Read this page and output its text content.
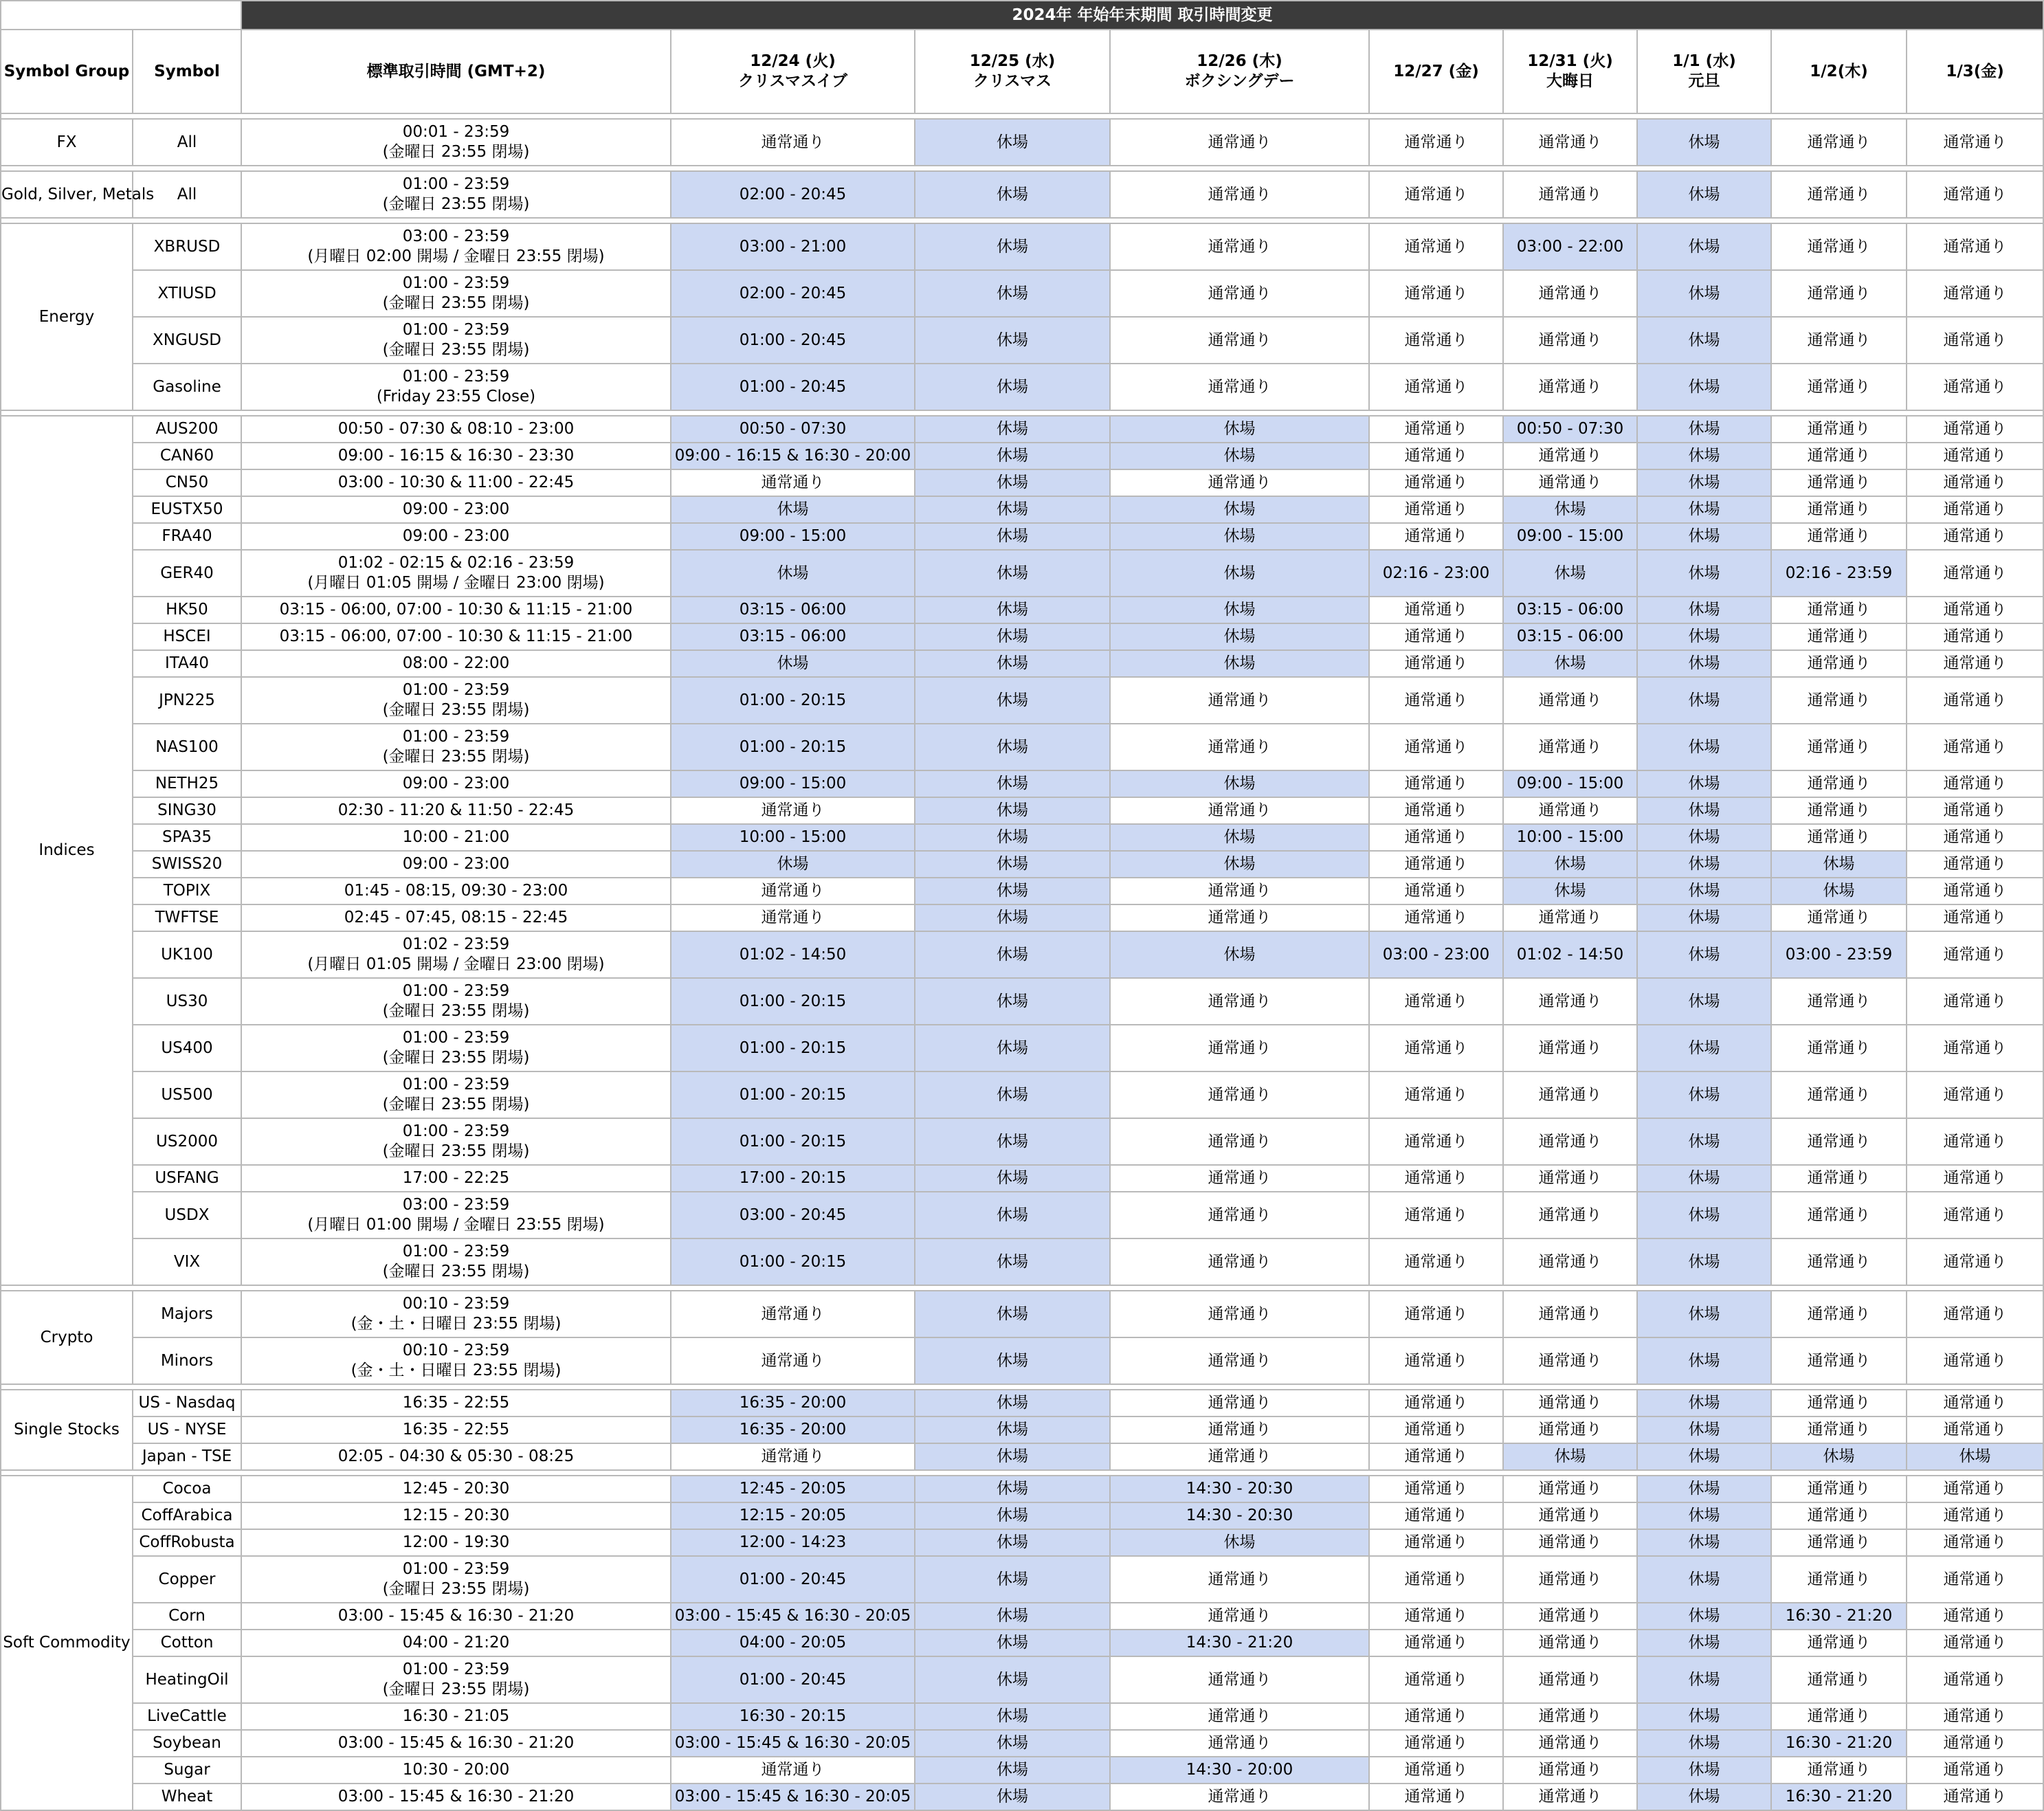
		2024年 年始年末期間 取引時間変更								
Symbol Group	Symbol	標準取引時間 (GMT+2)	12/24 (火)
クリスマスイブ	12/25 (水)
クリスマス	12/26 (木)
ボクシングデー	12/27 (金)	12/31 (火)
大晦日	1/1 (水)
元旦	1/2(木)	1/3(金)

FX	All	00:01 - 23:59
(金曜日 23:55 閉場)	通常通り	休場	通常通り	通常通り	通常通り	休場	通常通り	通常通り

Gold, Silver, Metals	All	01:00 - 23:59
(金曜日 23:55 閉場)	02:00 - 20:45	休場	通常通り	通常通り	通常通り	休場	通常通り	通常通り

Energy	XBRUSD	03:00 - 23:59
(月曜日 02:00 開場 / 金曜日 23:55 閉場)	03:00 - 21:00	休場	通常通り	通常通り	03:00 - 22:00	休場	通常通り	通常通り
	XTIUSD	01:00 - 23:59
(金曜日 23:55 閉場)	02:00 - 20:45	休場	通常通り	通常通り	通常通り	休場	通常通り	通常通り
	XNGUSD	01:00 - 23:59
(金曜日 23:55 閉場)	01:00 - 20:45	休場	通常通り	通常通り	通常通り	休場	通常通り	通常通り
	Gasoline	01:00 - 23:59
(Friday 23:55 Close)	01:00 - 20:45	休場	通常通り	通常通り	通常通り	休場	通常通り	通常通り

Indices	AUS200	00:50 - 07:30 & 08:10 - 23:00	00:50 - 07:30	休場	休場	通常通り	00:50 - 07:30	休場	通常通り	通常通り
	CAN60	09:00 - 16:15 & 16:30 - 23:30	09:00 - 16:15 & 16:30 - 20:00	休場	休場	通常通り	通常通り	休場	通常通り	通常通り
	CN50	03:00 - 10:30 & 11:00 - 22:45	通常通り	休場	通常通り	通常通り	通常通り	休場	通常通り	通常通り
	EUSTX50	09:00 - 23:00	休場	休場	休場	通常通り	休場	休場	通常通り	通常通り
	FRA40	09:00 - 23:00	09:00 - 15:00	休場	休場	通常通り	09:00 - 15:00	休場	通常通り	通常通り
	GER40	01:02 - 02:15 & 02:16 - 23:59
(月曜日 01:05 開場 / 金曜日 23:00 閉場)	休場	休場	休場	02:16 - 23:00	休場	休場	02:16 - 23:59	通常通り
	HK50	03:15 - 06:00, 07:00 - 10:30 & 11:15 - 21:00	03:15 - 06:00	休場	休場	通常通り	03:15 - 06:00	休場	通常通り	通常通り
	HSCEI	03:15 - 06:00, 07:00 - 10:30 & 11:15 - 21:00	03:15 - 06:00	休場	休場	通常通り	03:15 - 06:00	休場	通常通り	通常通り
	ITA40	08:00 - 22:00	休場	休場	休場	通常通り	休場	休場	通常通り	通常通り
	JPN225	01:00 - 23:59
(金曜日 23:55 閉場)	01:00 - 20:15	休場	通常通り	通常通り	通常通り	休場	通常通り	通常通り
	NAS100	01:00 - 23:59
(金曜日 23:55 閉場)	01:00 - 20:15	休場	通常通り	通常通り	通常通り	休場	通常通り	通常通り
	NETH25	09:00 - 23:00	09:00 - 15:00	休場	休場	通常通り	09:00 - 15:00	休場	通常通り	通常通り
	SING30	02:30 - 11:20 & 11:50 - 22:45	通常通り	休場	通常通り	通常通り	通常通り	休場	通常通り	通常通り
	SPA35	10:00 - 21:00	10:00 - 15:00	休場	休場	通常通り	10:00 - 15:00	休場	通常通り	通常通り
	SWISS20	09:00 - 23:00	休場	休場	休場	通常通り	休場	休場	休場	通常通り
	TOPIX	01:45 - 08:15, 09:30 - 23:00	通常通り	休場	通常通り	通常通り	休場	休場	休場	通常通り
	TWFTSE	02:45 - 07:45, 08:15 - 22:45	通常通り	休場	通常通り	通常通り	通常通り	休場	通常通り	通常通り
	UK100	01:02 - 23:59
(月曜日 01:05 開場 / 金曜日 23:00 閉場)	01:02 - 14:50	休場	休場	03:00 - 23:00	01:02 - 14:50	休場	03:00 - 23:59	通常通り
	US30	01:00 - 23:59
(金曜日 23:55 閉場)	01:00 - 20:15	休場	通常通り	通常通り	通常通り	休場	通常通り	通常通り
	US400	01:00 - 23:59
(金曜日 23:55 閉場)	01:00 - 20:15	休場	通常通り	通常通り	通常通り	休場	通常通り	通常通り
	US500	01:00 - 23:59
(金曜日 23:55 閉場)	01:00 - 20:15	休場	通常通り	通常通り	通常通り	休場	通常通り	通常通り
	US2000	01:00 - 23:59
(金曜日 23:55 閉場)	01:00 - 20:15	休場	通常通り	通常通り	通常通り	休場	通常通り	通常通り
	USFANG	17:00 - 22:25	17:00 - 20:15	休場	通常通り	通常通り	通常通り	休場	通常通り	通常通り
	USDX	03:00 - 23:59
(月曜日 01:00 開場 / 金曜日 23:55 閉場)	03:00 - 20:45	休場	通常通り	通常通り	通常通り	休場	通常通り	通常通り
	VIX	01:00 - 23:59
(金曜日 23:55 閉場)	01:00 - 20:15	休場	通常通り	通常通り	通常通り	休場	通常通り	通常通り

Crypto	Majors	00:10 - 23:59
(金・土・日曜日 23:55 閉場)	通常通り	休場	通常通り	通常通り	通常通り	休場	通常通り	通常通り
	Minors	00:10 - 23:59
(金・土・日曜日 23:55 閉場)	通常通り	休場	通常通り	通常通り	通常通り	休場	通常通り	通常通り

Single Stocks	US - Nasdaq	16:35 - 22:55	16:35 - 20:00	休場	通常通り	通常通り	通常通り	休場	通常通り	通常通り
	US - NYSE	16:35 - 22:55	16:35 - 20:00	休場	通常通り	通常通り	通常通り	休場	通常通り	通常通り
	Japan - TSE	02:05 - 04:30 & 05:30 - 08:25	通常通り	休場	通常通り	通常通り	休場	休場	休場	休場

Soft Commodity	Cocoa	12:45 - 20:30	12:45 - 20:05	休場	14:30 - 20:30	通常通り	通常通り	休場	通常通り	通常通り
	CoffArabica	12:15 - 20:30	12:15 - 20:05	休場	14:30 - 20:30	通常通り	通常通り	休場	通常通り	通常通り
	CoffRobusta	12:00 - 19:30	12:00 - 14:23	休場	休場	通常通り	通常通り	休場	通常通り	通常通り
	Copper	01:00 - 23:59
(金曜日 23:55 閉場)	01:00 - 20:45	休場	通常通り	通常通り	通常通り	休場	通常通り	通常通り
	Corn	03:00 - 15:45 & 16:30 - 21:20	03:00 - 15:45 & 16:30 - 20:05	休場	通常通り	通常通り	通常通り	休場	16:30 - 21:20	通常通り
	Cotton	04:00 - 21:20	04:00 - 20:05	休場	14:30 - 21:20	通常通り	通常通り	休場	通常通り	通常通り
	HeatingOil	01:00 - 23:59
(金曜日 23:55 閉場)	01:00 - 20:45	休場	通常通り	通常通り	通常通り	休場	通常通り	通常通り
	LiveCattle	16:30 - 21:05	16:30 - 20:15	休場	通常通り	通常通り	通常通り	休場	通常通り	通常通り
	Soybean	03:00 - 15:45 & 16:30 - 21:20	03:00 - 15:45 & 16:30 - 20:05	休場	通常通り	通常通り	通常通り	休場	16:30 - 21:20	通常通り
	Sugar	10:30 - 20:00	通常通り	休場	14:30 - 20:00	通常通り	通常通り	休場	通常通り	通常通り
	Wheat	03:00 - 15:45 & 16:30 - 21:20	03:00 - 15:45 & 16:30 - 20:05	休場	通常通り	通常通り	通常通り	休場	16:30 - 21:20	通常通り
